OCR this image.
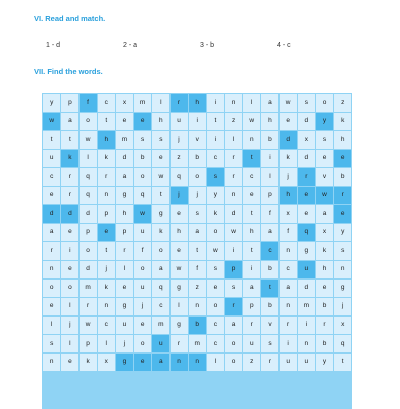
VI. Read and match.
1 - d	2 - a	3 - b	4 - c
VII. Find the words.
y	p	f	c	x	m	l	r	h	i	n	l	a	w	s	o	z
w	a	o	t	e	e	h	u	i	t	z	w	h	e	d	y	k
t	t	w	h	m	s	s	j	v	i	l	n	b	d	x	s	h
u	k	l	k	d	b	e	z	b	c	r	t	i	k	d	e	e
c	r	q	r	a	o	w	q	o	s	r	c	l	j	r	v	b
e	r	q	n	g	q	t	j	j	y	n	e	p	h	e	w	r
d	d	d	p	h	w	g	e	s	k	d	t	f	x	e	a	e
a	e	p	e	p	u	k	h	a	o	w	h	a	f	q	x	y
r	i	o	t	r	f	o	e	t	w	i	t	c	n	g	k	s
n	e	d	j	l	o	a	w	f	s	p	i	b	c	u	h	n
o	o	m	k	e	u	q	g	z	e	s	a	t	a	d	e	g
e	l	r	n	g	j	c	l	n	o	r	p	b	n	m	b	j
l	j	w	c	u	e	m	g	b	c	a	r	v	r	i	r	x
s	l	p	l	j	o	u	r	m	c	o	u	s	i	n	b	q
n	e	k	x	g	e	a	n	n	l	o	z	r	u	u	y	t
